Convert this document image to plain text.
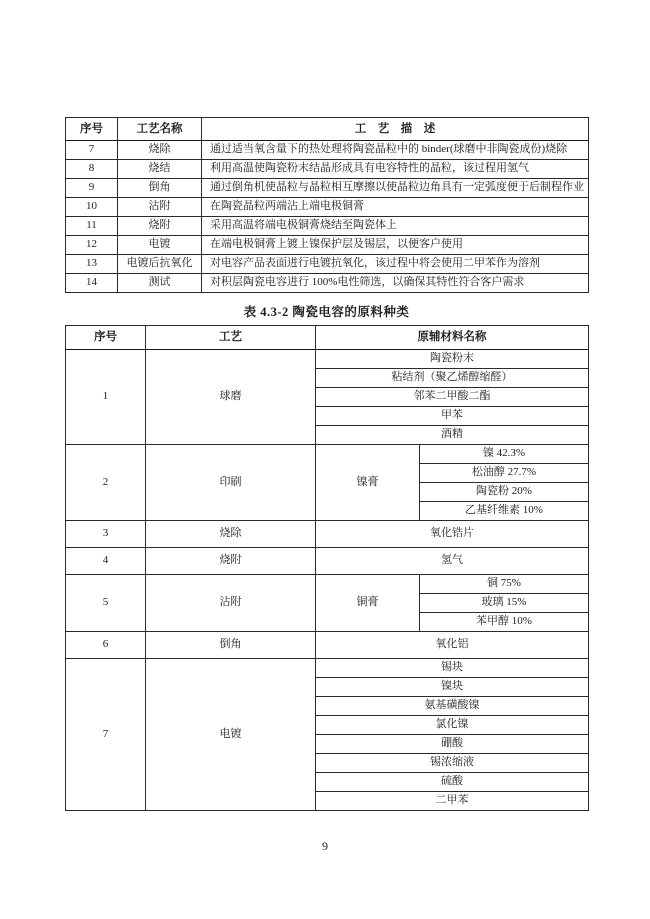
序号	工艺名称	工　艺　描　述
7	烧除	通过适当氧含量下的热处理将陶瓷晶粒中的 binder(球磨中非陶瓷成份)烧除
8	烧结	利用高温使陶瓷粉末结晶形成具有电容特性的晶粒，该过程用氢气
9	倒角	通过倒角机使晶粒与晶粒相互摩擦以使晶粒边角具有一定弧度便于后制程作业
10	沾附	在陶瓷晶粒两端沾上端电极铜膏
11	烧附	采用高温将端电极铜膏烧结至陶瓷体上
12	电镀	在端电极铜膏上镀上镍保护层及锡层，以便客户使用
13	电镀后抗氧化	对电容产品表面进行电镀抗氧化，该过程中将会使用二甲苯作为溶剂
14	测试	对积层陶瓷电容进行 100%电性筛选，以确保其特性符合客户需求
表 4.3-2 陶瓷电容的原料种类
序号	工艺	原辅材料名称	
1	球磨	陶瓷粉末	
		粘结剂（聚乙烯醇缩醛）	
		邻苯二甲酸二酯	
		甲苯	
		酒精	
2	印刷	镍膏	镍 42.3%
			松油醇 27.7%
			陶瓷粉 20%
			乙基纤维素 10%
3	烧除	氧化锆片	
4	烧附	氢气	
5	沾附	铜膏	铜 75%
			玻璃 15%
			苯甲醇 10%
6	倒角	氧化铝	
7	电镀	锡块	
		镍块	
		氨基磺酸镍	
		氯化镍	
		硼酸	
		锡浓缩液	
		硫酸	
		二甲苯	
9
